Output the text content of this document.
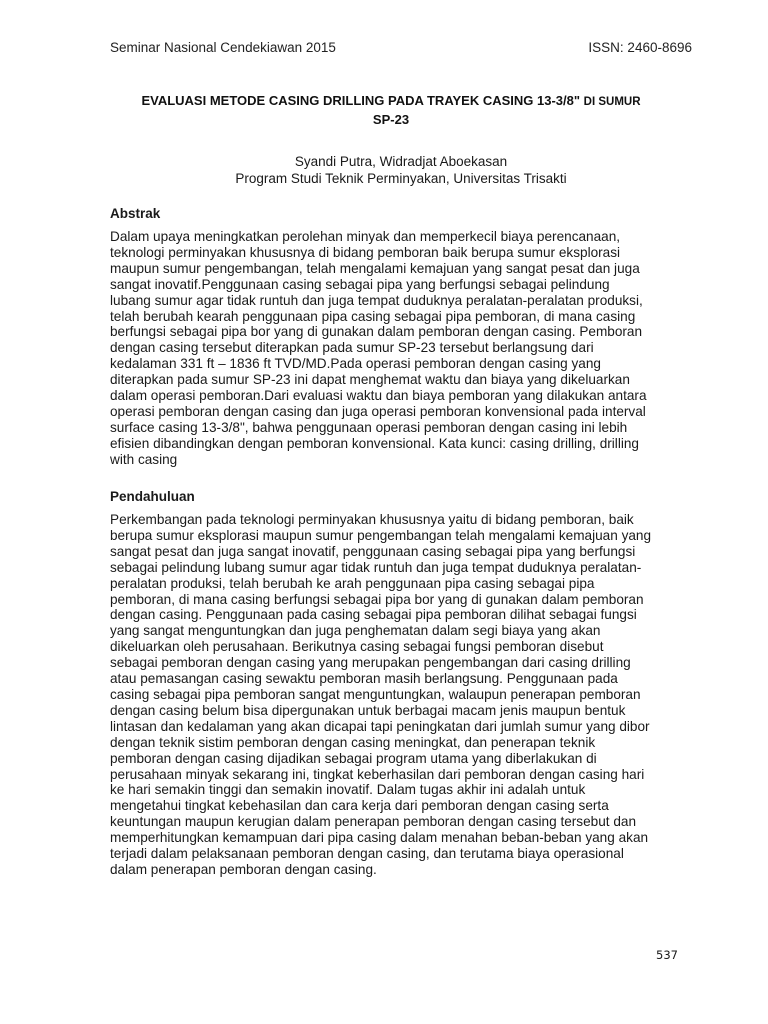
Seminar Nasional Cendekiawan 2015	ISSN: 2460-8696
EVALUASI METODE CASING DRILLING PADA TRAYEK CASING 13-3/8" DI SUMUR
SP-23
Syandi Putra, Widradjat Aboekasan
Program Studi Teknik Perminyakan, Universitas Trisakti
Abstrak
Dalam upaya meningkatkan perolehan minyak dan memperkecil biaya perencanaan,
teknologi perminyakan khususnya di bidang pemboran baik berupa sumur eksplorasi
maupun sumur pengembangan, telah mengalami kemajuan yang sangat pesat dan juga
sangat inovatif.Penggunaan casing sebagai pipa yang berfungsi sebagai pelindung
lubang sumur agar tidak runtuh dan juga tempat duduknya peralatan-peralatan produksi,
telah berubah kearah penggunaan pipa casing sebagai pipa pemboran, di mana casing
berfungsi sebagai pipa bor yang di gunakan dalam pemboran dengan casing. Pemboran
dengan casing tersebut diterapkan pada sumur SP-23 tersebut berlangsung dari
kedalaman 331 ft – 1836 ft TVD/MD.Pada operasi pemboran dengan casing yang
diterapkan pada sumur SP-23 ini dapat menghemat waktu dan biaya yang dikeluarkan
dalam operasi pemboran.Dari evaluasi waktu dan biaya pemboran yang dilakukan antara
operasi pemboran dengan casing dan juga operasi pemboran konvensional pada interval
surface casing 13-3/8", bahwa penggunaan operasi pemboran dengan casing ini lebih
efisien dibandingkan dengan pemboran konvensional. Kata kunci: casing drilling, drilling
with casing
Pendahuluan
Perkembangan pada teknologi perminyakan khususnya yaitu di bidang pemboran, baik
berupa sumur eksplorasi maupun sumur pengembangan telah mengalami kemajuan yang
sangat pesat dan juga sangat inovatif, penggunaan casing sebagai pipa yang berfungsi
sebagai pelindung lubang sumur agar tidak runtuh dan juga tempat duduknya peralatan-
peralatan produksi, telah berubah ke arah penggunaan pipa casing sebagai pipa
pemboran, di mana casing berfungsi sebagai pipa bor yang di gunakan dalam pemboran
dengan casing. Penggunaan pada casing sebagai pipa pemboran dilihat sebagai fungsi
yang sangat menguntungkan dan juga penghematan dalam segi biaya yang akan
dikeluarkan oleh perusahaan. Berikutnya casing sebagai fungsi pemboran disebut
sebagai pemboran dengan casing yang merupakan pengembangan dari casing drilling
atau pemasangan casing sewaktu pemboran masih berlangsung. Penggunaan pada
casing sebagai pipa pemboran sangat menguntungkan, walaupun penerapan pemboran
dengan casing belum bisa dipergunakan untuk berbagai macam jenis maupun bentuk
lintasan dan kedalaman yang akan dicapai tapi peningkatan dari jumlah sumur yang dibor
dengan teknik sistim pemboran dengan casing meningkat, dan penerapan teknik
pemboran dengan casing dijadikan sebagai program utama yang diberlakukan di
perusahaan minyak sekarang ini, tingkat keberhasilan dari pemboran dengan casing hari
ke hari semakin tinggi dan semakin inovatif. Dalam tugas akhir ini adalah untuk
mengetahui tingkat kebehasilan dan cara kerja dari pemboran dengan casing serta
keuntungan maupun kerugian dalam penerapan pemboran dengan casing tersebut dan
memperhitungkan kemampuan dari pipa casing dalam menahan beban-beban yang akan
terjadi dalam pelaksanaan pemboran dengan casing, dan terutama biaya operasional
dalam penerapan pemboran dengan casing.
537
